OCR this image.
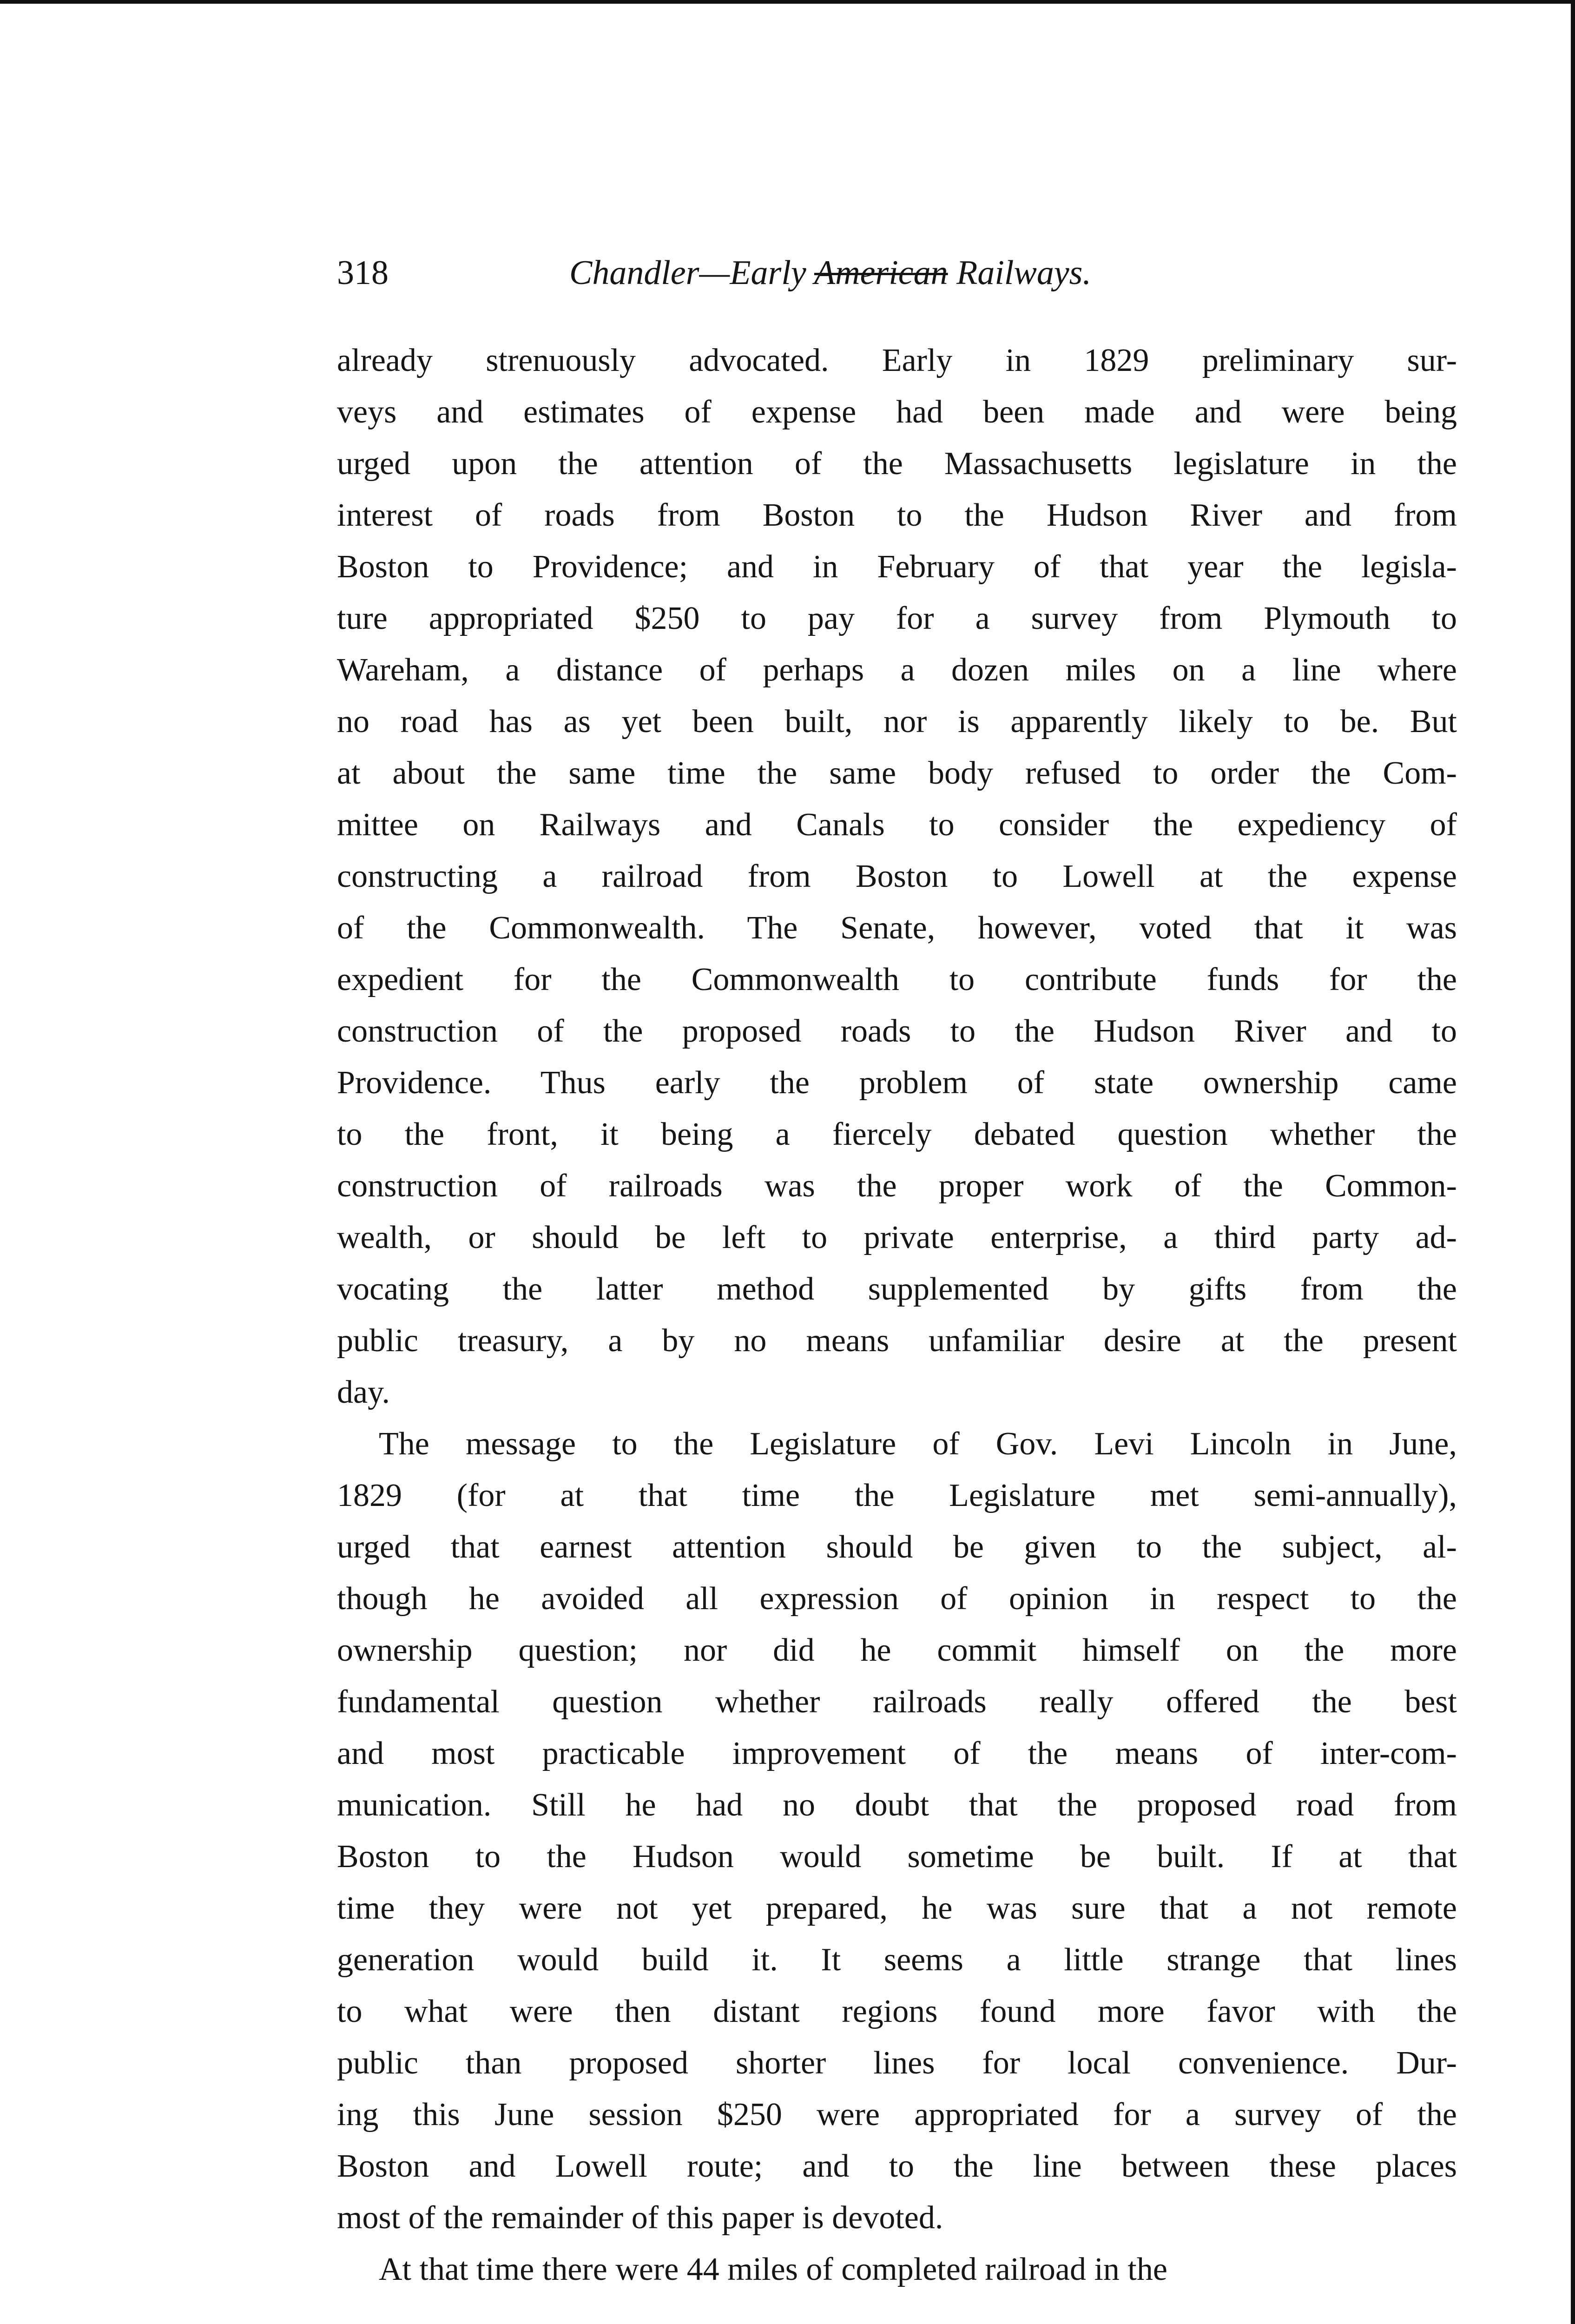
318	Chandler—Early American Railways.
already strenuously advocated. Early in 1829 preliminary sur-
veys and estimates of expense had been made and were being
urged upon the attention of the Massachusetts legislature in the
interest of roads from Boston to the Hudson River and from
Boston to Providence; and in February of that year the legisla-
ture appropriated $250 to pay for a survey from Plymouth to
Wareham, a distance of perhaps a dozen miles on a line where
no road has as yet been built, nor is apparently likely to be. But
at about the same time the same body refused to order the Com-
mittee on Railways and Canals to consider the expediency of
constructing a railroad from Boston to Lowell at the expense
of the Commonwealth. The Senate, however, voted that it was
expedient for the Commonwealth to contribute funds for the
construction of the proposed roads to the Hudson River and to
Providence. Thus early the problem of state ownership came
to the front, it being a fiercely debated question whether the
construction of railroads was the proper work of the Common-
wealth, or should be left to private enterprise, a third party ad-
vocating the latter method supplemented by gifts from the
public treasury, a by no means unfamiliar desire at the present
day.
The message to the Legislature of Gov. Levi Lincoln in June,
1829 (for at that time the Legislature met semi-annually),
urged that earnest attention should be given to the subject, al-
though he avoided all expression of opinion in respect to the
ownership question; nor did he commit himself on the more
fundamental question whether railroads really offered the best
and most practicable improvement of the means of inter-com-
munication. Still he had no doubt that the proposed road from
Boston to the Hudson would sometime be built. If at that
time they were not yet prepared, he was sure that a not remote
generation would build it. It seems a little strange that lines
to what were then distant regions found more favor with the
public than proposed shorter lines for local convenience. Dur-
ing this June session $250 were appropriated for a survey of the
Boston and Lowell route; and to the line between these places
most of the remainder of this paper is devoted.
At that time there were 44 miles of completed railroad in the
